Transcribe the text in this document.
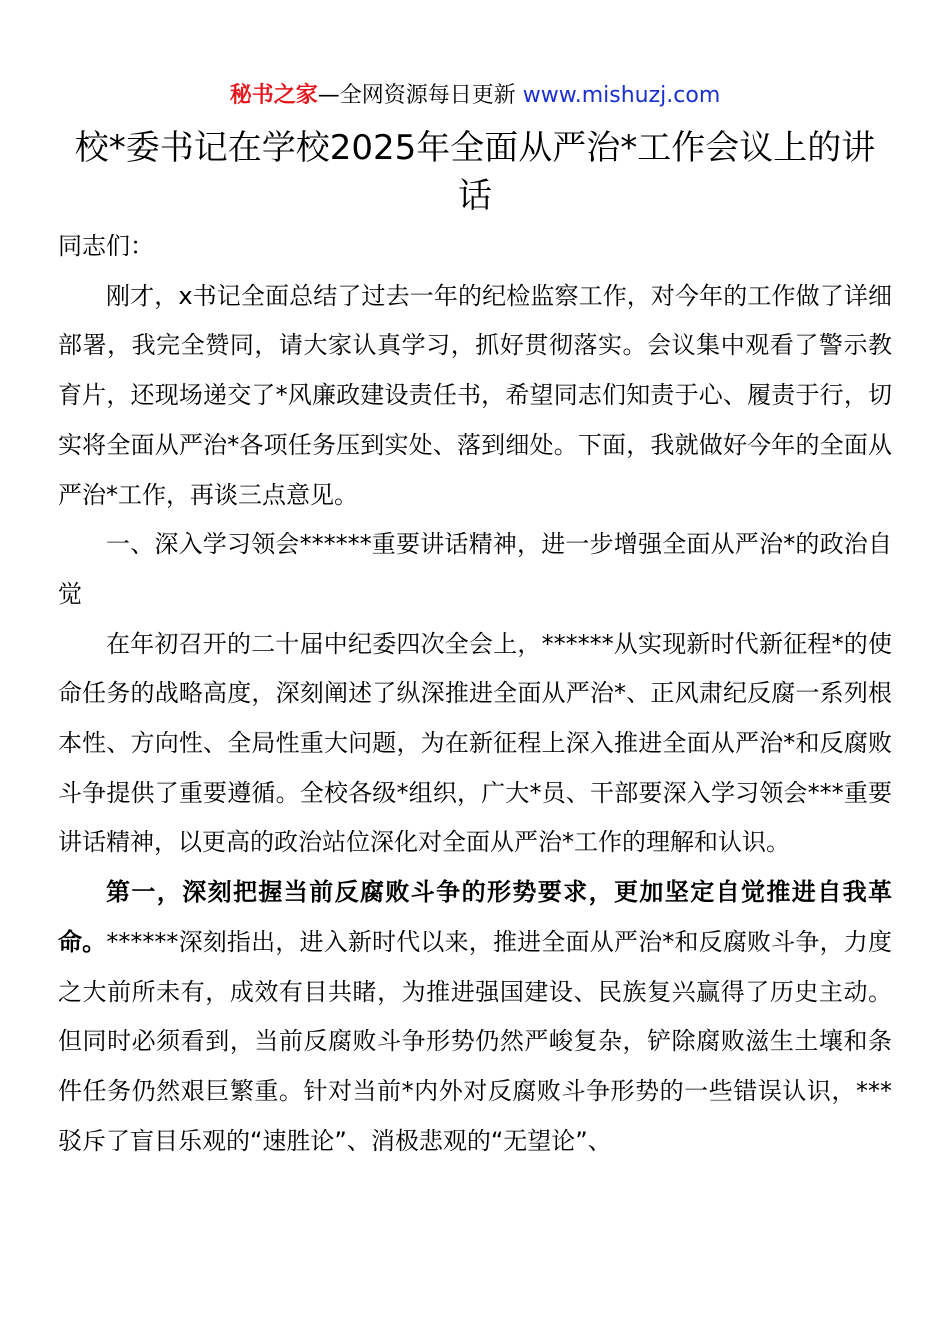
秘书之家—全网资源每日更新 www.mishuzj.com
校*委书记在学校2025年全面从严治*工作会议上的讲话

同志们：

刚才，x书记全面总结了过去一年的纪检监察工作，对今年的工作做了详细部署，我完全赞同，请大家认真学习，抓好贯彻落实。会议集中观看了警示教育片，还现场递交了*风廉政建设责任书，希望同志们知责于心、履责于行，切实将全面从严治*各项任务压到实处、落到细处。下面，我就做好今年的全面从严治*工作，再谈三点意见。

一、深入学习领会******重要讲话精神，进一步增强全面从严治*的政治自觉

在年初召开的二十届中纪委四次全会上，******从实现新时代新征程*的使命任务的战略高度，深刻阐述了纵深推进全面从严治*、正风肃纪反腐一系列根本性、方向性、全局性重大问题，为在新征程上深入推进全面从严治*和反腐败斗争提供了重要遵循。全校各级*组织，广大*员、干部要深入学习领会***重要讲话精神，以更高的政治站位深化对全面从严治*工作的理解和认识。

第一，深刻把握当前反腐败斗争的形势要求，更加坚定自觉推进自我革命。******深刻指出，进入新时代以来，推进全面从严治*和反腐败斗争，力度之大前所未有，成效有目共睹，为推进强国建设、民族复兴赢得了历史主动。但同时必须看到，当前反腐败斗争形势仍然严峻复杂，铲除腐败滋生土壤和条件任务仍然艰巨繁重。针对当前*内外对反腐败斗争形势的一些错误认识，***驳斥了盲目乐观的“速胜论”、消极悲观的“无望论”、
